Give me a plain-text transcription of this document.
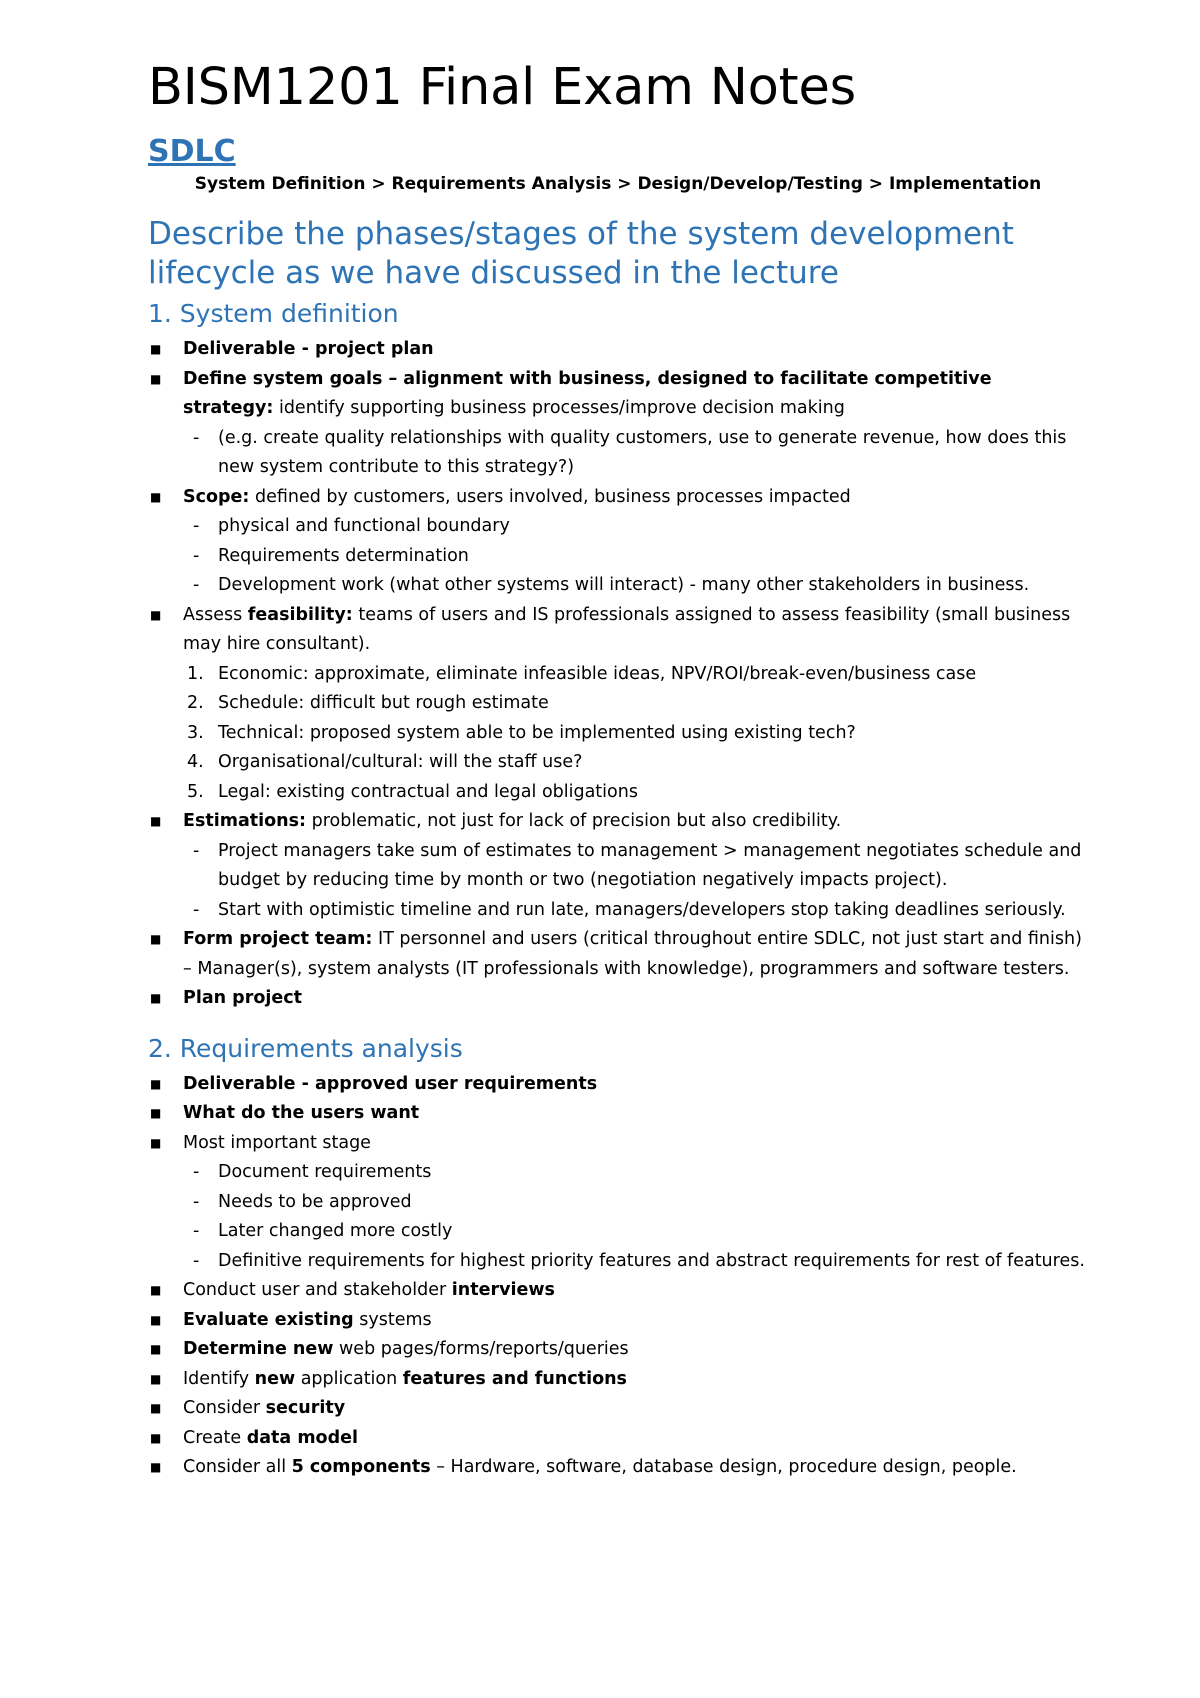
BISM1201 Final Exam Notes
SDLC

System Definition > Requirements Analysis > Design/Develop/Testing > Implementation

Describe the phases/stages of the system development lifecycle as we have discussed in the lecture
1. System definition
■ Deliverable - project plan
■ Define system goals – alignment with business, designed to facilitate competitive strategy: identify supporting business processes/improve decision making
- (e.g. create quality relationships with quality customers, use to generate revenue, how does this new system contribute to this strategy?)
■ Scope: defined by customers, users involved, business processes impacted
- physical and functional boundary
- Requirements determination
- Development work (what other systems will interact) - many other stakeholders in business.
■ Assess feasibility: teams of users and IS professionals assigned to assess feasibility (small business may hire consultant).
1. Economic: approximate, eliminate infeasible ideas, NPV/ROI/break-even/business case
2. Schedule: difficult but rough estimate
3. Technical: proposed system able to be implemented using existing tech?
4. Organisational/cultural: will the staff use?
5. Legal: existing contractual and legal obligations
■ Estimations: problematic, not just for lack of precision but also credibility.
- Project managers take sum of estimates to management > management negotiates schedule and budget by reducing time by month or two (negotiation negatively impacts project).
- Start with optimistic timeline and run late, managers/developers stop taking deadlines seriously.
■ Form project team: IT personnel and users (critical throughout entire SDLC, not just start and finish) – Manager(s), system analysts (IT professionals with knowledge), programmers and software testers.
■ Plan project
2. Requirements analysis
■ Deliverable - approved user requirements
■ What do the users want
■ Most important stage
- Document requirements
- Needs to be approved
- Later changed more costly
- Definitive requirements for highest priority features and abstract requirements for rest of features.
■ Conduct user and stakeholder interviews
■ Evaluate existing systems
■ Determine new web pages/forms/reports/queries
■ Identify new application features and functions
■ Consider security
■ Create data model
■ Consider all 5 components – Hardware, software, database design, procedure design, people.
